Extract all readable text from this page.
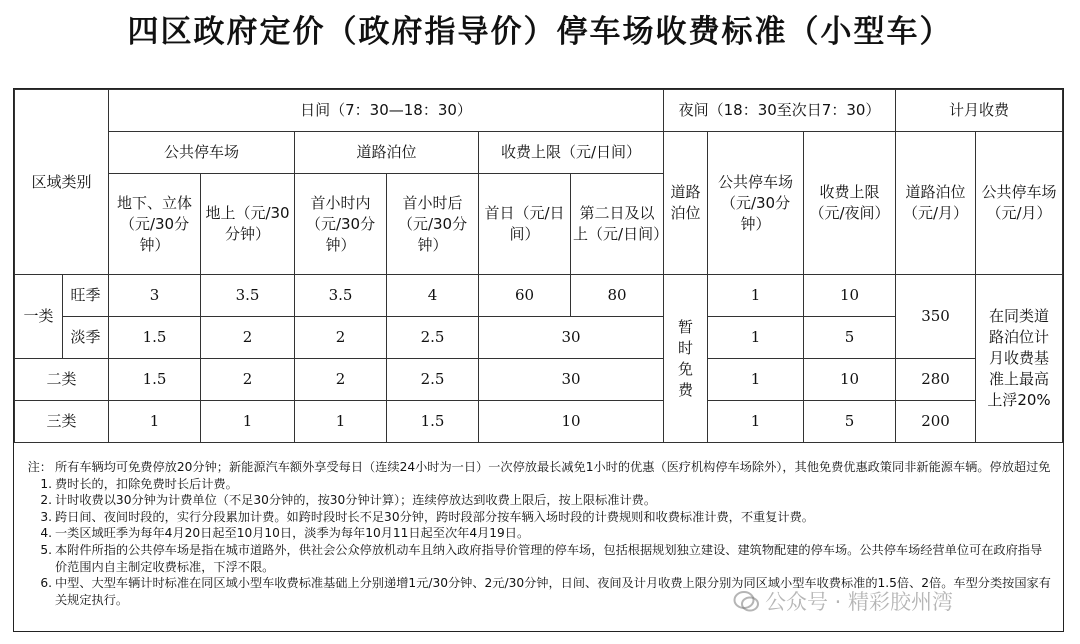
四区政府定价（政府指导价）停车场收费标准（小型车）
区域类别		日间（7：30—18：30）						夜间（18：30至次日7：30）			计月收费	
		公共停车场		道路泊位		收费上限（元/日间）		道路泊位	公共停车场（元/30分钟）	收费上限（元/夜间）	道路泊位（元/月）	公共停车场（元/月）
		地下、立体（元/30分钟）	地上（元/30分钟）	首小时内（元/30分钟）	首小时后（元/30分钟）	首日（元/日间）	第二日及以上（元/日间）					
一类	旺季	3	3.5	3.5	4	60	80	暂时免费	1	10	350	在同类道路泊位计月收费基准上最高上浮20%
	淡季	1.5	2	2	2.5	30			1	5		
二类		1.5	2	2	2.5	30			1	10	280	
三类		1	1	1	1.5	10			1	5	200	
注：1.
所有车辆均可免费停放20分钟；新能源汽车额外享受每日（连续24小时为一日）一次停放最长减免1小时的优惠（医疗机构停车场除外），其他免费优惠政策同非新能源车辆。停放超过免费时长的，扣除免费时长后计费。
2. 计时收费以30分钟为计费单位（不足30分钟的，按30分钟计算）；连续停放达到收费上限后，按上限标准计费。
3. 跨日间、夜间时段的，实行分段累加计费。如跨时段时长不足30分钟，跨时段部分按车辆入场时段的计费规则和收费标准计费，不重复计费。
4. 一类区域旺季为每年4月20日起至10月10日，淡季为每年10月11日起至次年4月19日。
5. 本附件所指的公共停车场是指在城市道路外，供社会公众停放机动车且纳入政府指导价管理的停车场，包括根据规划独立建设、建筑物配建的停车场。公共停车场经营单位可在政府指导价范围内自主制定收费标准，下浮不限。
6. 中型、大型车辆计时标准在同区域小型车收费标准基础上分别递增1元/30分钟、2元/30分钟，日间、夜间及计月收费上限分别为同区域小型车收费标准的1.5倍、2倍。车型分类按国家有关规定执行。	公众号 · 精彩胶州湾
